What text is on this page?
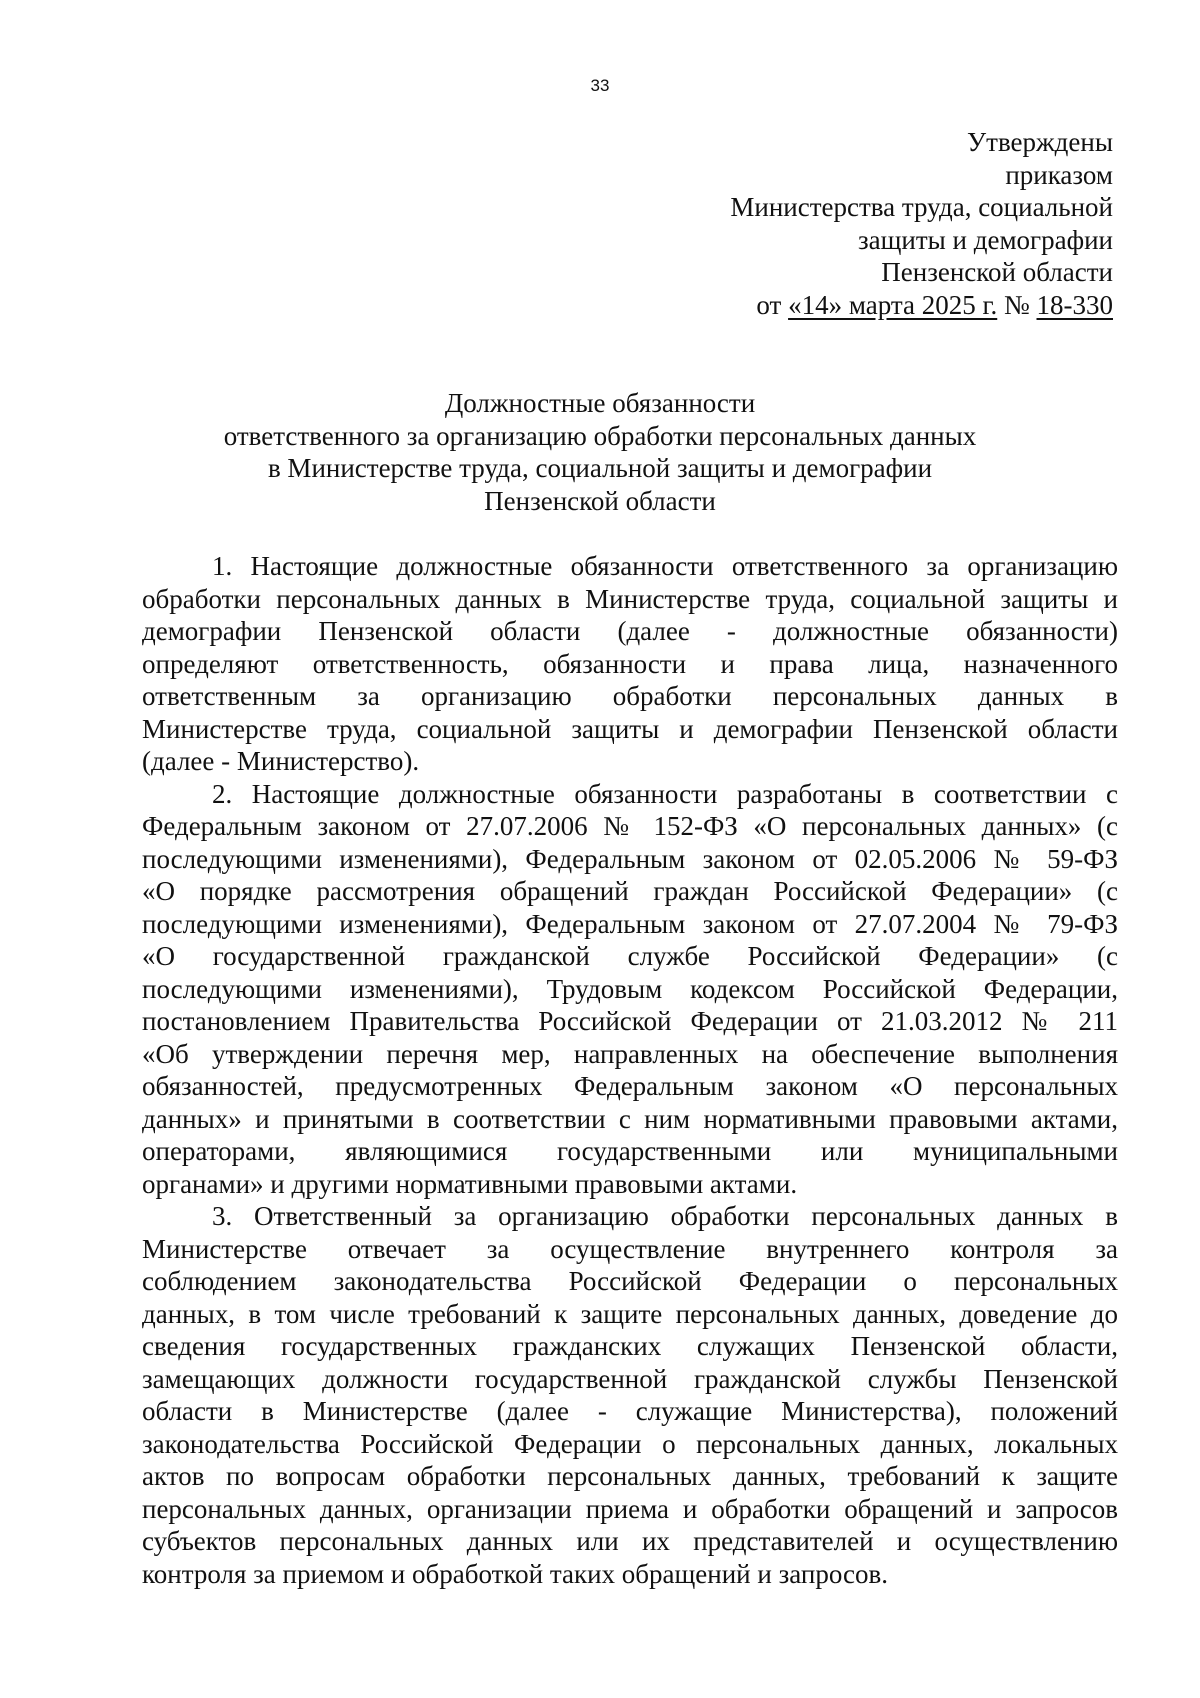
33
Утверждены
приказом
Министерства труда, социальной
защиты и демографии
Пензенской области
от «14» марта 2025 г. № 18-330
Должностные обязанности
ответственного за организацию обработки персональных данных
в Министерстве труда, социальной защиты и демографии
Пензенской области

1. Настоящие должностные обязанности ответственного за организацию
обработки персональных данных в Министерстве труда, социальной защиты и
демографии Пензенской области (далее - должностные обязанности)
определяют ответственность, обязанности и права лица, назначенного
ответственным за организацию обработки персональных данных в
Министерстве труда, социальной защиты и демографии Пензенской области
(далее - Министерство).

2. Настоящие должностные обязанности разработаны в соответствии с
Федеральным законом от 27.07.2006 № 152-ФЗ «О персональных данных» (с
последующими изменениями), Федеральным законом от 02.05.2006 № 59-ФЗ
«О порядке рассмотрения обращений граждан Российской Федерации» (с
последующими изменениями), Федеральным законом от 27.07.2004 № 79-ФЗ
«О государственной гражданской службе Российской Федерации» (с
последующими изменениями), Трудовым кодексом Российской Федерации,
постановлением Правительства Российской Федерации от 21.03.2012 № 211
«Об утверждении перечня мер, направленных на обеспечение выполнения
обязанностей, предусмотренных Федеральным законом «О персональных
данных» и принятыми в соответствии с ним нормативными правовыми актами,
операторами, являющимися государственными или муниципальными
органами» и другими нормативными правовыми актами.

3. Ответственный за организацию обработки персональных данных в
Министерстве отвечает за осуществление внутреннего контроля за
соблюдением законодательства Российской Федерации о персональных
данных, в том числе требований к защите персональных данных, доведение до
сведения государственных гражданских служащих Пензенской области,
замещающих должности государственной гражданской службы Пензенской
области в Министерстве (далее - служащие Министерства), положений
законодательства Российской Федерации о персональных данных, локальных
актов по вопросам обработки персональных данных, требований к защите
персональных данных, организации приема и обработки обращений и запросов
субъектов персональных данных или их представителей и осуществлению
контроля за приемом и обработкой таких обращений и запросов.
